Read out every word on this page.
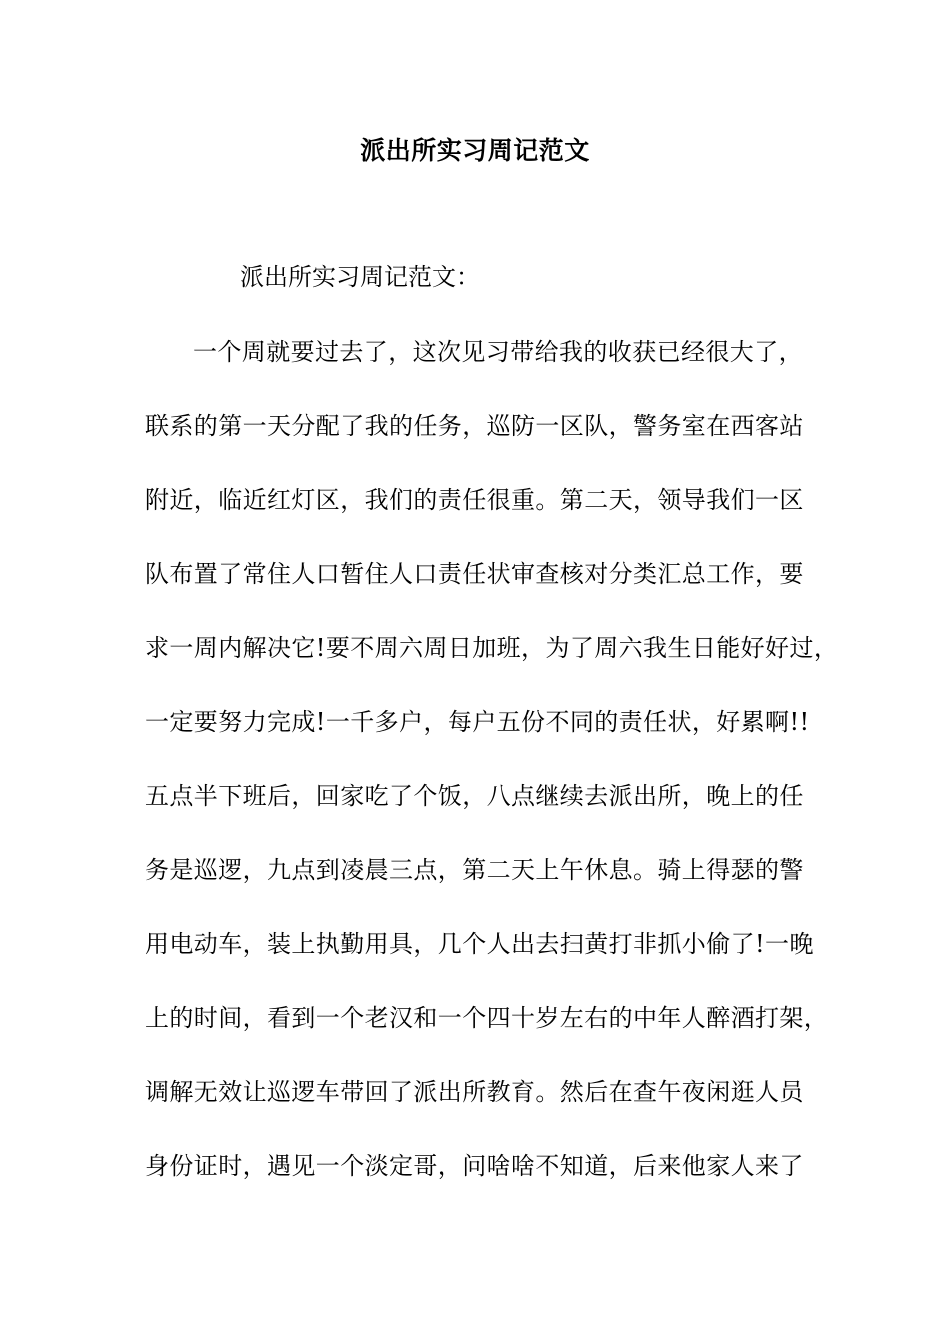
派出所实习周记范文
派出所实习周记范文：
一个周就要过去了，这次见习带给我的收获已经很大了，
联系的第一天分配了我的任务，巡防一区队，警务室在西客站
附近，临近红灯区，我们的责任很重。第二天，领导我们一区
队布置了常住人口暂住人口责任状审查核对分类汇总工作，要
求一周内解决它!要不周六周日加班，为了周六我生日能好好过，
一定要努力完成!一千多户，每户五份不同的责任状，好累啊!!
五点半下班后，回家吃了个饭，八点继续去派出所，晚上的任
务是巡逻，九点到凌晨三点，第二天上午休息。骑上得瑟的警
用电动车，装上执勤用具，几个人出去扫黄打非抓小偷了!一晚
上的时间，看到一个老汉和一个四十岁左右的中年人醉酒打架，
调解无效让巡逻车带回了派出所教育。然后在查午夜闲逛人员
身份证时，遇见一个淡定哥，问啥啥不知道，后来他家人来了
